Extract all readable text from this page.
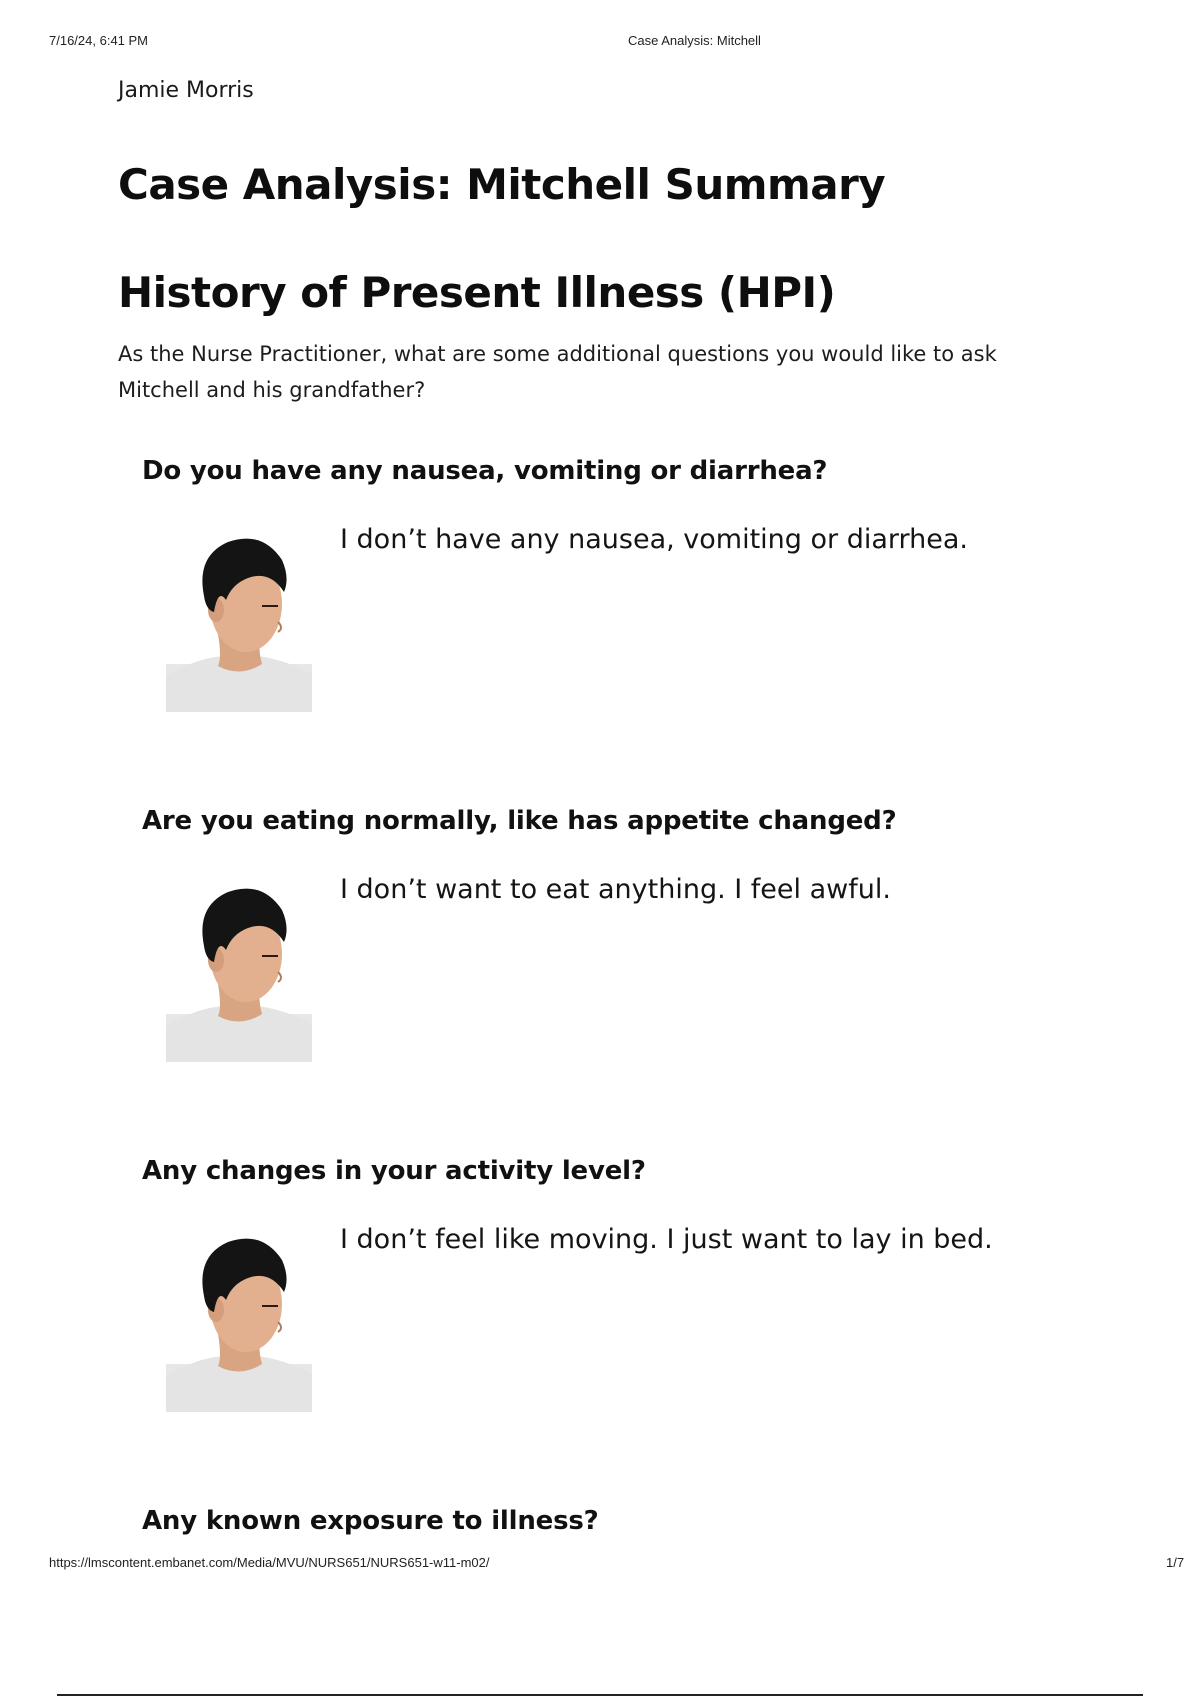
7/16/24, 6:41 PM	Case Analysis: Mitchell
Jamie Morris
Case Analysis: Mitchell Summary
History of Present Illness (HPI)

As the Nurse Practitioner, what are some additional questions you would like to ask Mitchell and his grandfather?

Do you have any nausea, vomiting or diarrhea?

I don’t have any nausea, vomiting or diarrhea.

Are you eating normally, like has appetite changed?

I don’t want to eat anything. I feel awful.

Any changes in your activity level?

I don’t feel like moving. I just want to lay in bed.

Any known exposure to illness?
https://lmscontent.embanet.com/Media/MVU/NURS651/NURS651-w11-m02/	1/7
